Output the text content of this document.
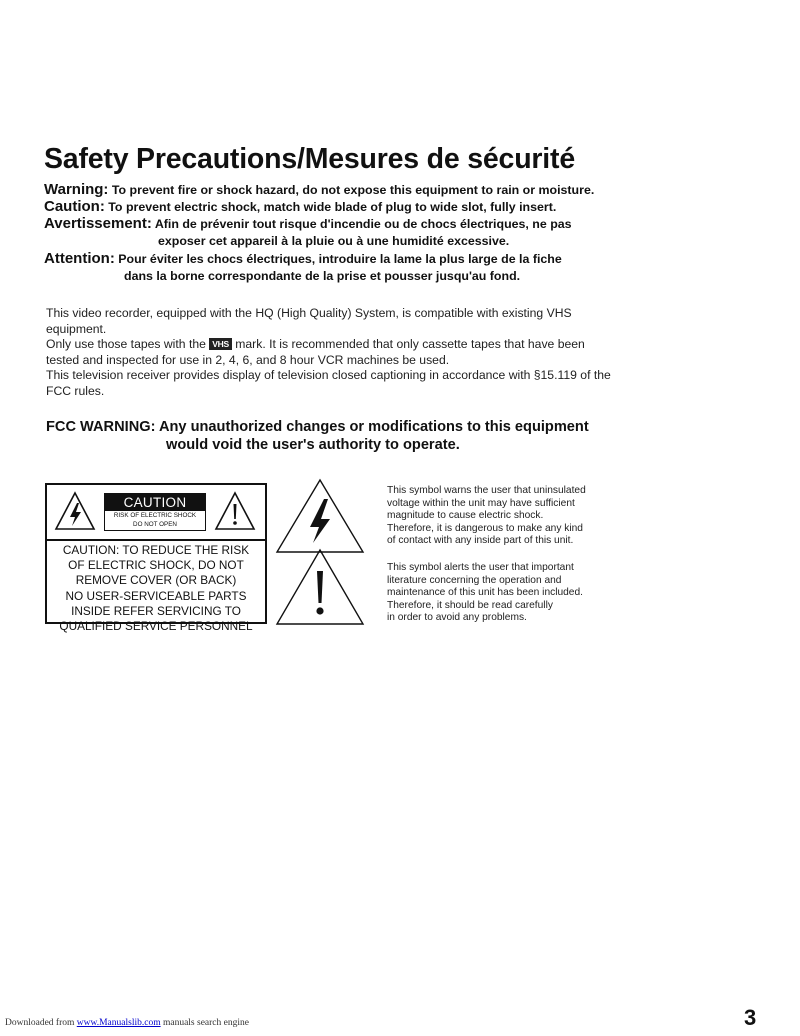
Safety Precautions/Mesures de sécurité
Warning: To prevent fire or shock hazard, do not expose this equipment to rain or moisture.
Caution: To prevent electric shock, match wide blade of plug to wide slot, fully insert.
Avertissement: Afin de prévenir tout risque d'incendie ou de chocs électriques, ne pas
exposer cet appareil à la pluie ou à une humidité excessive.
Attention: Pour éviter les chocs électriques, introduire la lame la plus large de la fiche
dans la borne correspondante de la prise et pousser jusqu'au fond.

This video recorder, equipped with the HQ (High Quality) System, is compatible with existing VHS equipment.

Only use those tapes with the VHS mark. It is recommended that only cassette tapes that have been tested and inspected for use in 2, 4, 6, and 8 hour VCR machines be used.

This television receiver provides display of television closed captioning in accordance with §15.119 of the FCC rules.

FCC WARNING: Any unauthorized changes or modifications to this equipment
would void the user's authority to operate.
CAUTION
RISK OF ELECTRIC SHOCK
DO NOT OPEN
CAUTION: TO REDUCE THE RISK
OF ELECTRIC SHOCK, DO NOT
REMOVE COVER (OR BACK)
NO USER-SERVICEABLE PARTS
INSIDE REFER SERVICING TO
QUALIFIED SERVICE PERSONNEL
This symbol warns the user that uninsulated
voltage within the unit may have sufficient
magnitude to cause electric shock.
Therefore, it is dangerous to make any kind
of contact with any inside part of this unit.
This symbol alerts the user that important
literature concerning the operation and
maintenance of this unit has been included.
Therefore, it should be read carefully
in order to avoid any problems.
Downloaded from www.Manualslib.com manuals search engine	3
